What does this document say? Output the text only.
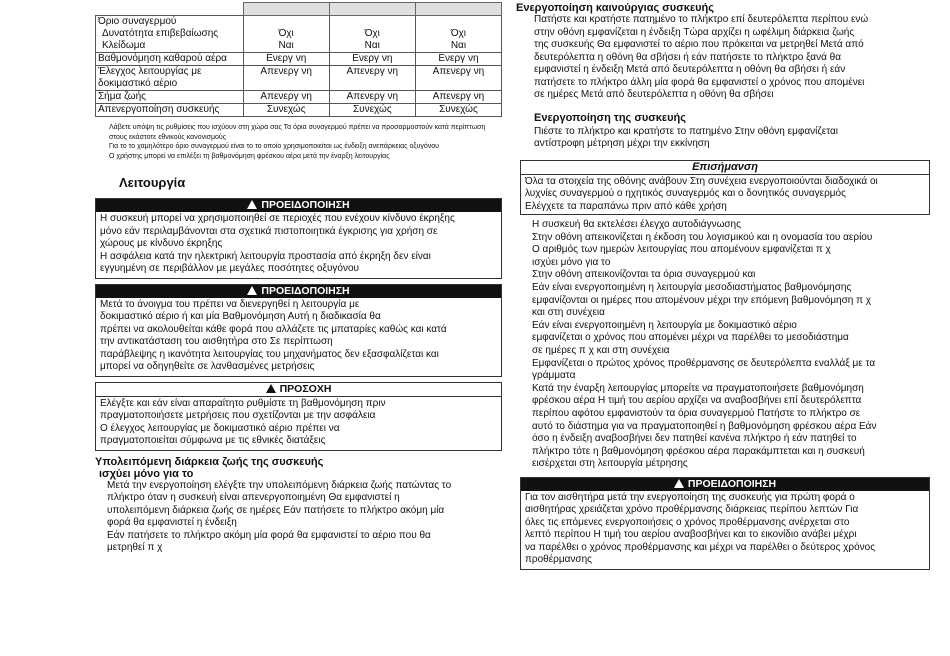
Όριο συναγερμού			
Δυνατότητα επιβεβαίωσης	Όχι	Όχι	Όχι
Κλείδωμα	Ναι	Ναι	Ναι
Βαθμονόμηση καθαρού αέρα	Ενεργ νη	Ενεργ νη	Ενεργ νη
Έλεγχος λειτουργίας με δοκιμαστικό αέριο	Απενεργ νη	Απενεργ νη	Απενεργ νη
Σήμα ζωής	Απενεργ νη	Απενεργ νη	Απενεργ νη
Απενεργοποίηση συσκευής	Συνεχώς	Συνεχώς	Συνεχώς

Λάβετε υπόψη τις ρυθμίσεις που ισχύουν στη χώρα σας Τα όρια συναγερμού πρέπει να προσαρμοστούν κατά περίπτωση στους εκάστοτε εθνικούς κανονισμούς

Για το το χαμηλότερο όριο συναγερμού είναι το το οποίο χρησιμοποιείται ως ένδειξη ανεπάρκειας οξυγόνου

Ο χρήστης μπορεί να επιλέξει τη βαθμονόμηση φρέσκου αέρα μετά την έναρξη λειτουργίας

Λειτουργία
ΠΡΟΕΙΔΟΠΟΙΗΣΗ

Η συσκευή μπορεί να χρησιμοποιηθεί σε περιοχές που ενέχουν κίνδυνο έκρηξης

μόνο εάν περιλαμβάνονται στα σχετικά πιστοποιητικά έγκρισης για χρήση σε

χώρους με κίνδυνο έκρηξης

Η ασφάλεια κατά την ηλεκτρική λειτουργία προστασία από έκρηξη δεν είναι

εγγυημένη σε περιβάλλον με μεγάλες ποσότητες οξυγόνου

ΠΡΟΕΙΔΟΠΟΙΗΣΗ

Μετά το άνοιγμα του πρέπει να διενεργηθεί η λειτουργία με

δοκιμαστικό αέριο ή και μία Βαθμονόμηση Αυτή η διαδικασία θα

πρέπει να ακολουθείται κάθε φορά που αλλάζετε τις μπαταρίες καθώς και κατά

την αντικατάσταση του αισθητήρα στο Σε περίπτωση

παράβλεψης η ικανότητα λειτουργίας του μηχανήματος δεν εξασφαλίζεται και

μπορεί να οδηγηθείτε σε λανθασμένες μετρήσεις

ΠΡΟΣΟΧΗ

Ελέγξτε και εάν είναι απαραίτητο ρυθμίστε τη βαθμονόμηση πριν

πραγματοποιήσετε μετρήσεις που σχετίζονται με την ασφάλεια

Ο έλεγχος λειτουργίας με δοκιμαστικό αέριο πρέπει να

πραγματοποιείται σύμφωνα με τις εθνικές διατάξεις

Υπολειπόμενη διάρκεια ζωής της συσκευής
ισχύει μόνο για το

Μετά την ενεργοποίηση ελέγξτε την υπολειπόμενη διάρκεια ζωής πατώντας το

πλήκτρο όταν η συσκευή είναι απενεργοποιημένη Θα εμφανιστεί η

υπολειπόμενη διάρκεια ζωής σε ημέρες Εάν πατήσετε το πλήκτρο ακόμη μία

φορά θα εμφανιστεί η ένδειξη

Εάν πατήσετε το πλήκτρο ακόμη μία φορά θα εμφανιστεί το αέριο που θα

μετρηθεί π χ

Ενεργοποίηση καινούργιας συσκευής

Πατήστε και κρατήστε πατημένο το πλήκτρο επί δευτερόλεπτα περίπου ενώ

στην οθόνη εμφανίζεται η ένδειξη Τώρα αρχίζει η ωφέλιμη διάρκεια ζωής

της συσκευής Θα εμφανιστεί το αέριο που πρόκειται να μετρηθεί Μετά από

δευτερόλεπτα η οθόνη θα σβήσει ή εάν πατήσετε το πλήκτρο ξανά θα

εμφανιστεί η ένδειξη Μετά από δευτερόλεπτα η οθόνη θα σβήσει ή εάν

πατήσετε το πλήκτρο άλλη μία φορά θα εμφανιστεί ο χρόνος που απομένει

σε ημέρες Μετά από δευτερόλεπτα η οθόνη θα σβήσει

Ενεργοποίηση της συσκευής

Πιέστε το πλήκτρο και κρατήστε το πατημένο Στην οθόνη εμφανίζεται

αντίστροφη μέτρηση μέχρι την εκκίνηση

Επισήμανση

Όλα τα στοιχεία της οθόνης ανάβουν Στη συνέχεια ενεργοποιούνται διαδοχικά οι

λυχνίες συναγερμού ο ηχητικός συναγερμός και ο δονητικός συναγερμός

Ελέγχετε τα παραπάνω πριν από κάθε χρήση

Η συσκευή θα εκτελέσει έλεγχο αυτοδιάγνωσης

Στην οθόνη απεικονίζεται η έκδοση του λογισμικού και η ονομασία του αερίου

Ο αριθμός των ημερών λειτουργίας που απομένουν εμφανίζεται π χ

ισχύει μόνο για το

Στην οθόνη απεικονίζονται τα όρια συναγερμού και

Εάν είναι ενεργοποιημένη η λειτουργία μεσοδιαστήματος βαθμονόμησης

εμφανίζονται οι ημέρες που απομένουν μέχρι την επόμενη βαθμονόμηση π χ

και στη συνέχεια

Εάν είναι ενεργοποιημένη η λειτουργία με δοκιμαστικό αέριο

εμφανίζεται ο χρόνος που απομένει μέχρι να παρέλθει το μεσοδιάστημα

σε ημέρες π χ και στη συνέχεια

Εμφανίζεται ο πρώτος χρόνος προθέρμανσης σε δευτερόλεπτα εναλλάξ με τα

γράμματα

Κατά την έναρξη λειτουργίας μπορείτε να πραγματοποιήσετε βαθμονόμηση

φρέσκου αέρα Η τιμή του αερίου αρχίζει να αναβοσβήνει επί δευτερόλεπτα

περίπου αφότου εμφανιστούν τα όρια συναγερμού Πατήστε το πλήκτρο σε

αυτό το διάστημα για να πραγματοποιηθεί η βαθμονόμηση φρέσκου αέρα Εάν

όσο η ένδειξη αναβοσβήνει δεν πατηθεί κανένα πλήκτρο ή εάν πατηθεί το

πλήκτρο τότε η βαθμονόμηση φρέσκου αέρα παρακάμπτεται και η συσκευή

εισέρχεται στη λειτουργία μέτρησης

ΠΡΟΕΙΔΟΠΟΙΗΣΗ

Για τον αισθητήρα μετά την ενεργοποίηση της συσκευής για πρώτη φορά ο

αισθητήρας χρειάζεται χρόνο προθέρμανσης διάρκειας περίπου λεπτών Για

όλες τις επόμενες ενεργοποιήσεις ο χρόνος προθέρμανσης ανέρχεται στο

λεπτό περίπου Η τιμή του αερίου αναβοσβήνει και το εικονίδιο ανάβει μέχρι

να παρέλθει ο χρόνος προθέρμανσης και μέχρι να παρέλθει ο δεύτερος χρόνος

προθέρμανσης
